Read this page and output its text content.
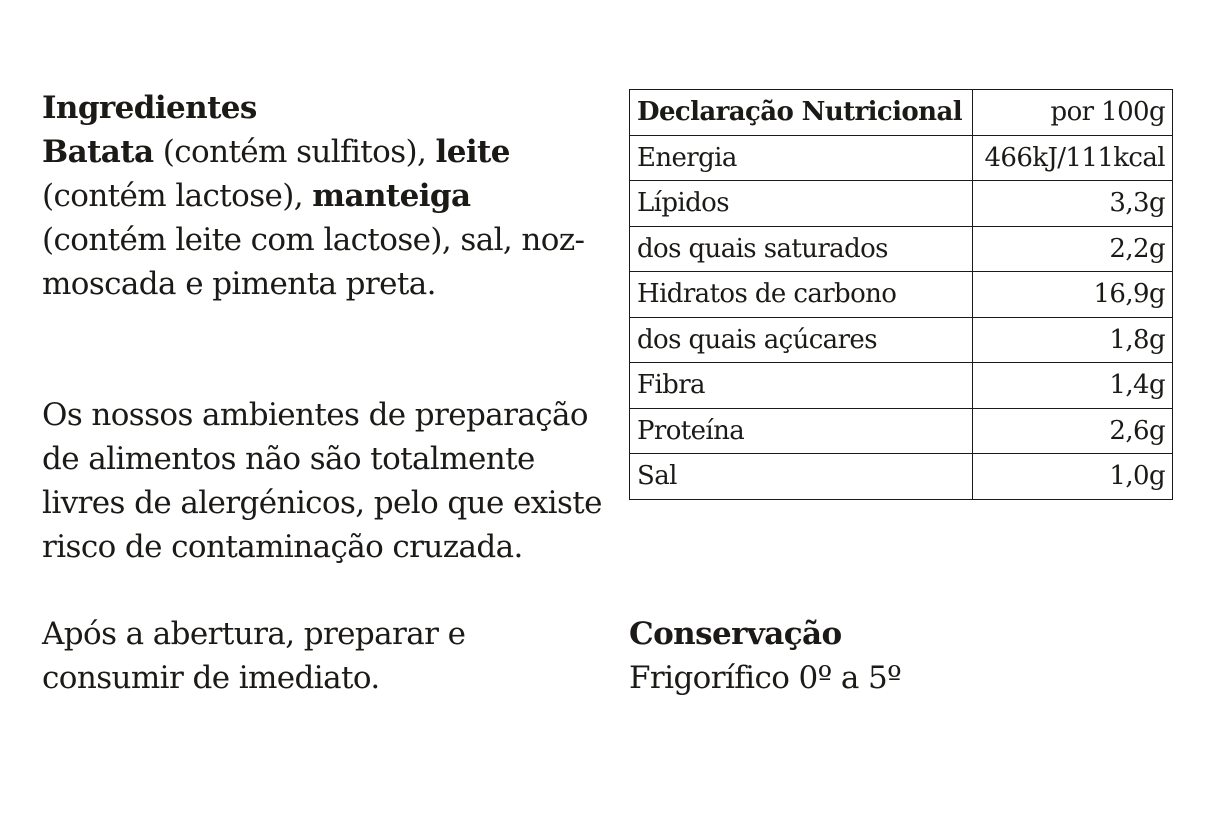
Ingredientes
Batata (contém sulfitos), leite (contém lactose), manteiga (contém leite com lactose), sal, noz-moscada e pimenta preta.
Os nossos ambientes de preparação de alimentos não são totalmente livres de alergénicos, pelo que existe risco de contaminação cruzada.
Após a abertura, preparar e consumir de imediato.
Conservação
Frigorífico 0º a 5º
Declaração Nutricional	por 100g
Energia	466kJ/111kcal
Lípidos	3,3g
dos quais saturados	2,2g
Hidratos de carbono	16,9g
dos quais açúcares	1,8g
Fibra	1,4g
Proteína	2,6g
Sal	1,0g
